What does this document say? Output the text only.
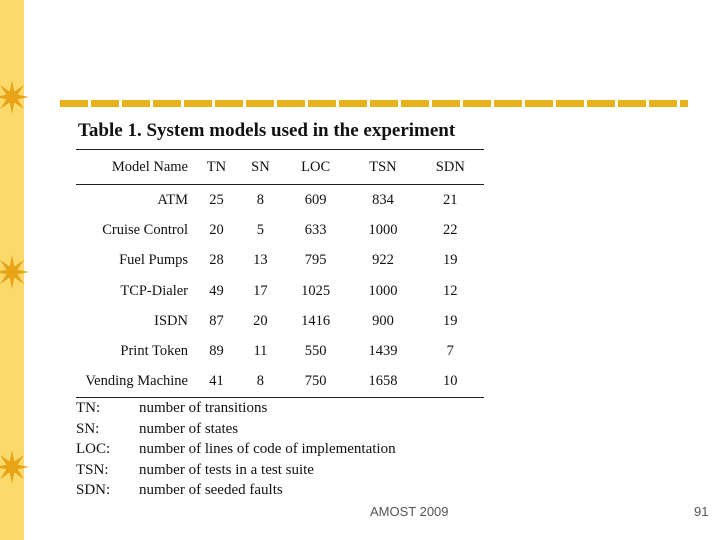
Table 1. System models used in the experiment
Model Name	TN	SN	LOC	TSN	SDN
ATM	25	8	609	834	21
Cruise Control	20	5	633	1000	22
Fuel Pumps	28	13	795	922	19
TCP-Dialer	49	17	1025	1000	12
ISDN	87	20	1416	900	19
Print Token	89	11	550	1439	7
Vending Machine	41	8	750	1658	10
TN:	number of transitions
SN:	number of states
LOC:	number of lines of code of implementation
TSN:	number of tests in a test suite
SDN:	number of seeded faults
AMOST 2009	91
